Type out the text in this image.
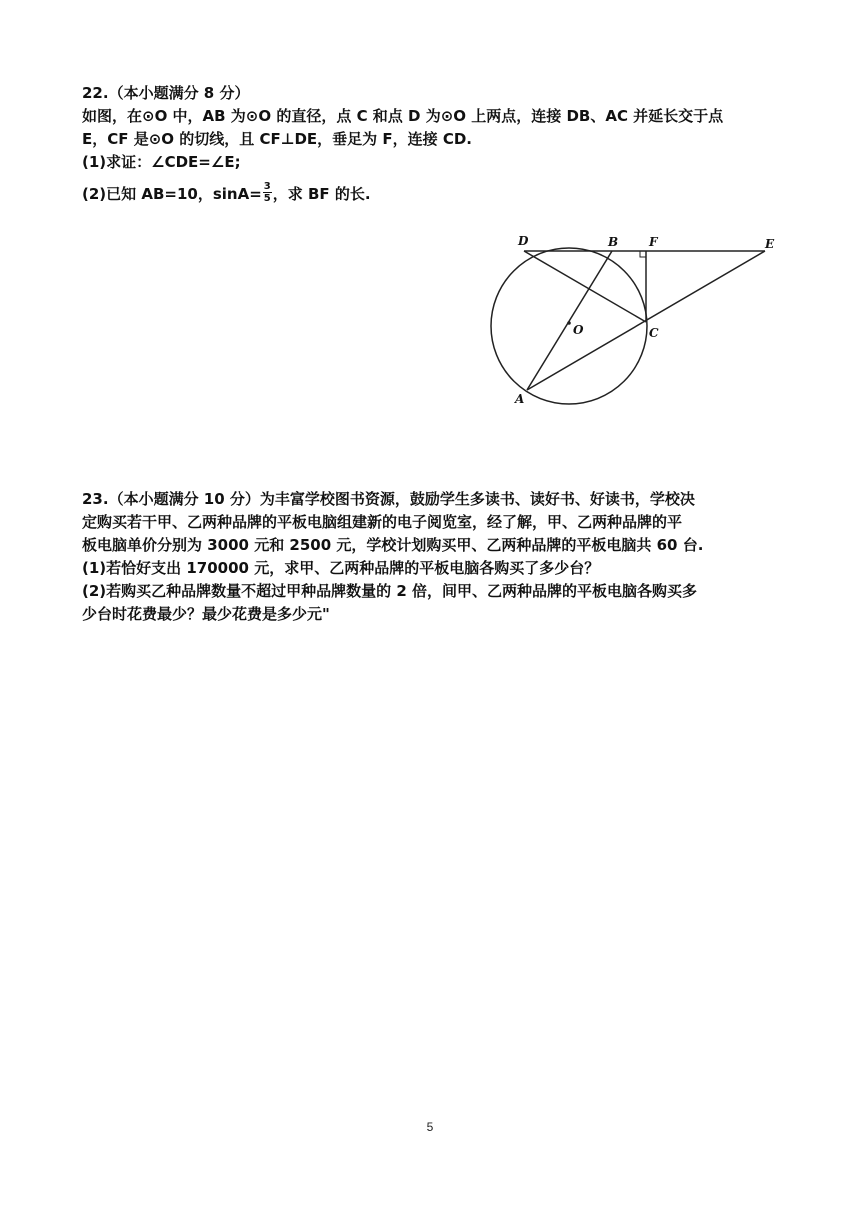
22.（本小题满分 8 分）
如图，在⊙O 中，AB 为⊙O 的直径，点 C 和点 D 为⊙O 上两点，连接 DB、AC 并延长交于点
E，CF 是⊙O 的切线，且 CF⊥DE，垂足为 F，连接 CD.
(1)求证：∠CDE=∠E;
(2)已知 AB=10，$\sin A= \frac{3}{5}$ ，求 BF 的长.
D	B	F	E
O	C
A
23.（本小题满分 10 分）为丰富学校图书资源，鼓励学生多读书、读好书、好读书，学校决
定购买若干甲、乙两种品牌的平板电脑组建新的电子阅览室，经了解，甲、乙两种品牌的平
板电脑单价分别为 3000 元和 2500 元，学校计划购买甲、乙两种品牌的平板电脑共 60 台.
(1)若恰好支出 170000 元，求甲、乙两种品牌的平板电脑各购买了多少台？
(2)若购买乙种品牌数量不超过甲种品牌数量的 2 倍，间甲、乙两种品牌的平板电脑各购买多
少台时花费最少？最少花费是多少元"
5
